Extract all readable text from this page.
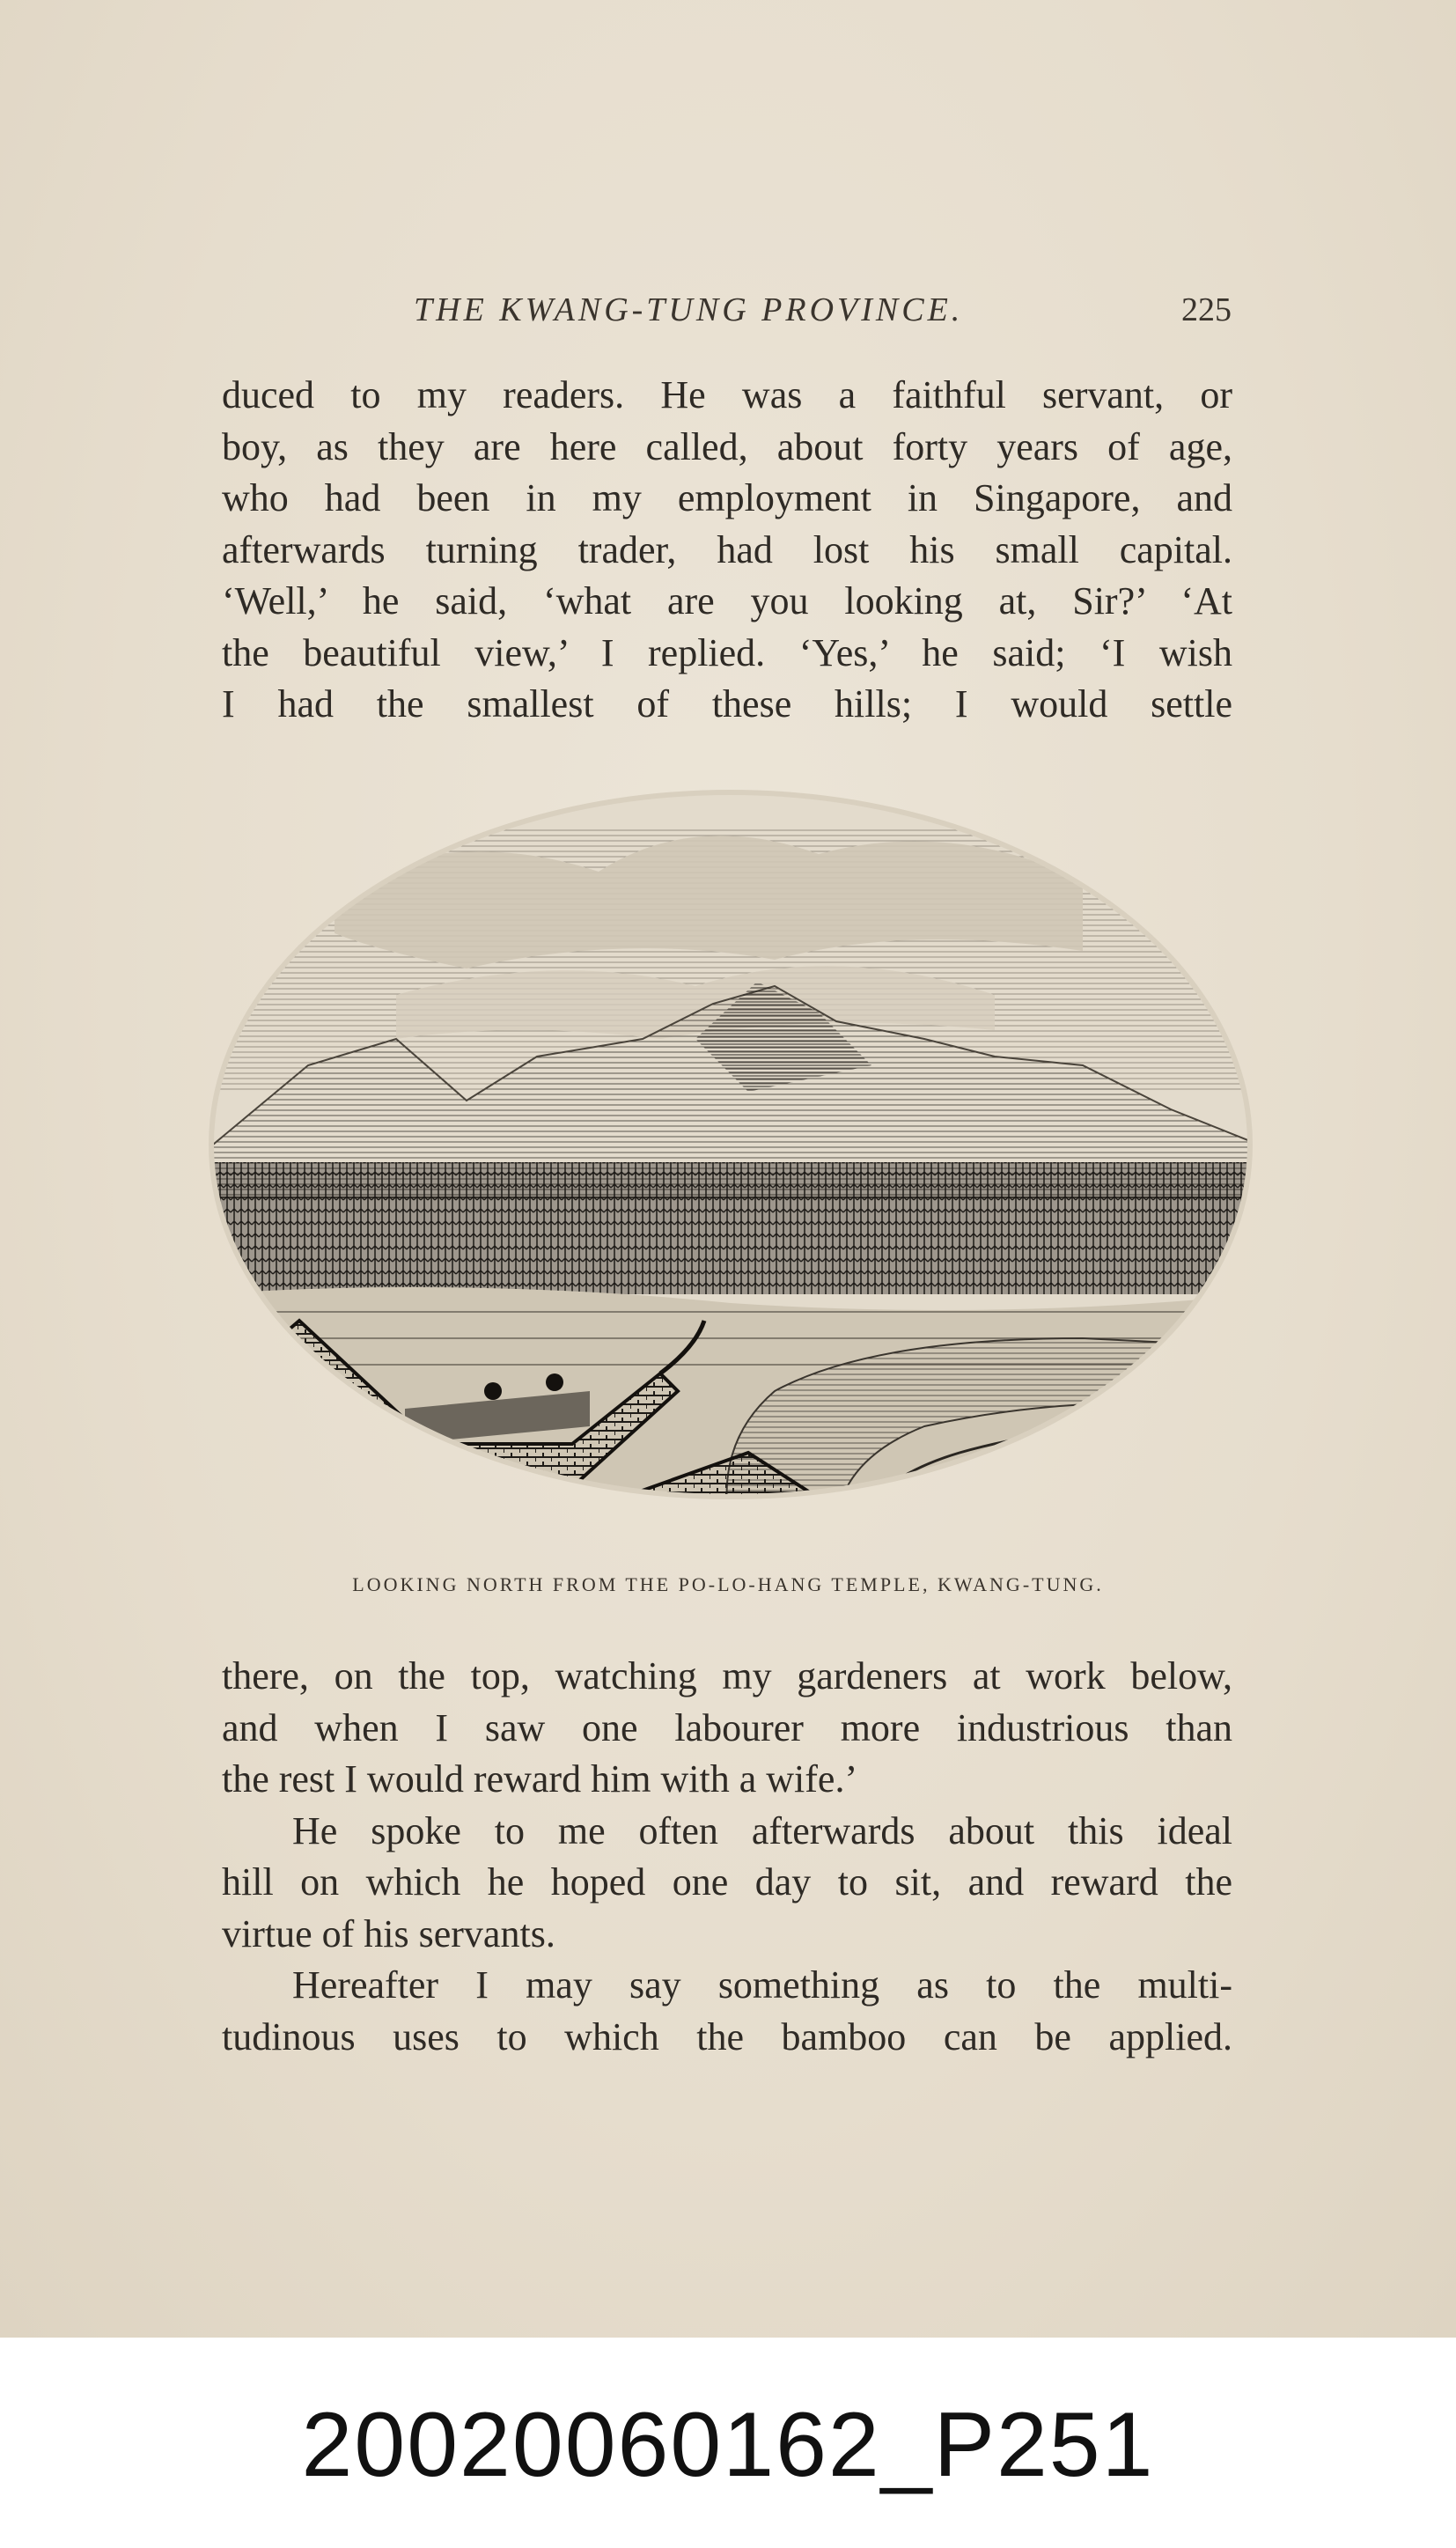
THE KWANG-TUNG PROVINCE.	225

duced to my readers. He was a faithful servant, or

boy, as they are here called, about forty years of age,

who had been in my employment in Singapore, and

afterwards turning trader, had lost his small capital.

‘Well,’ he said, ‘what are you looking at, Sir?’ ‘At

the beautiful view,’ I replied. ‘Yes,’ he said; ‘I wish

I had the smallest of these hills; I would settle

LOOKING NORTH FROM THE PO-LO-HANG TEMPLE, KWANG-TUNG.

there, on the top, watching my gardeners at work below,

and when I saw one labourer more industrious than

the rest I would reward him with a wife.’

He spoke to me often afterwards about this ideal

hill on which he hoped one day to sit, and reward the

virtue of his servants.

Hereafter I may say something as to the multi-

tudinous uses to which the bamboo can be applied.

20020060162_P251
